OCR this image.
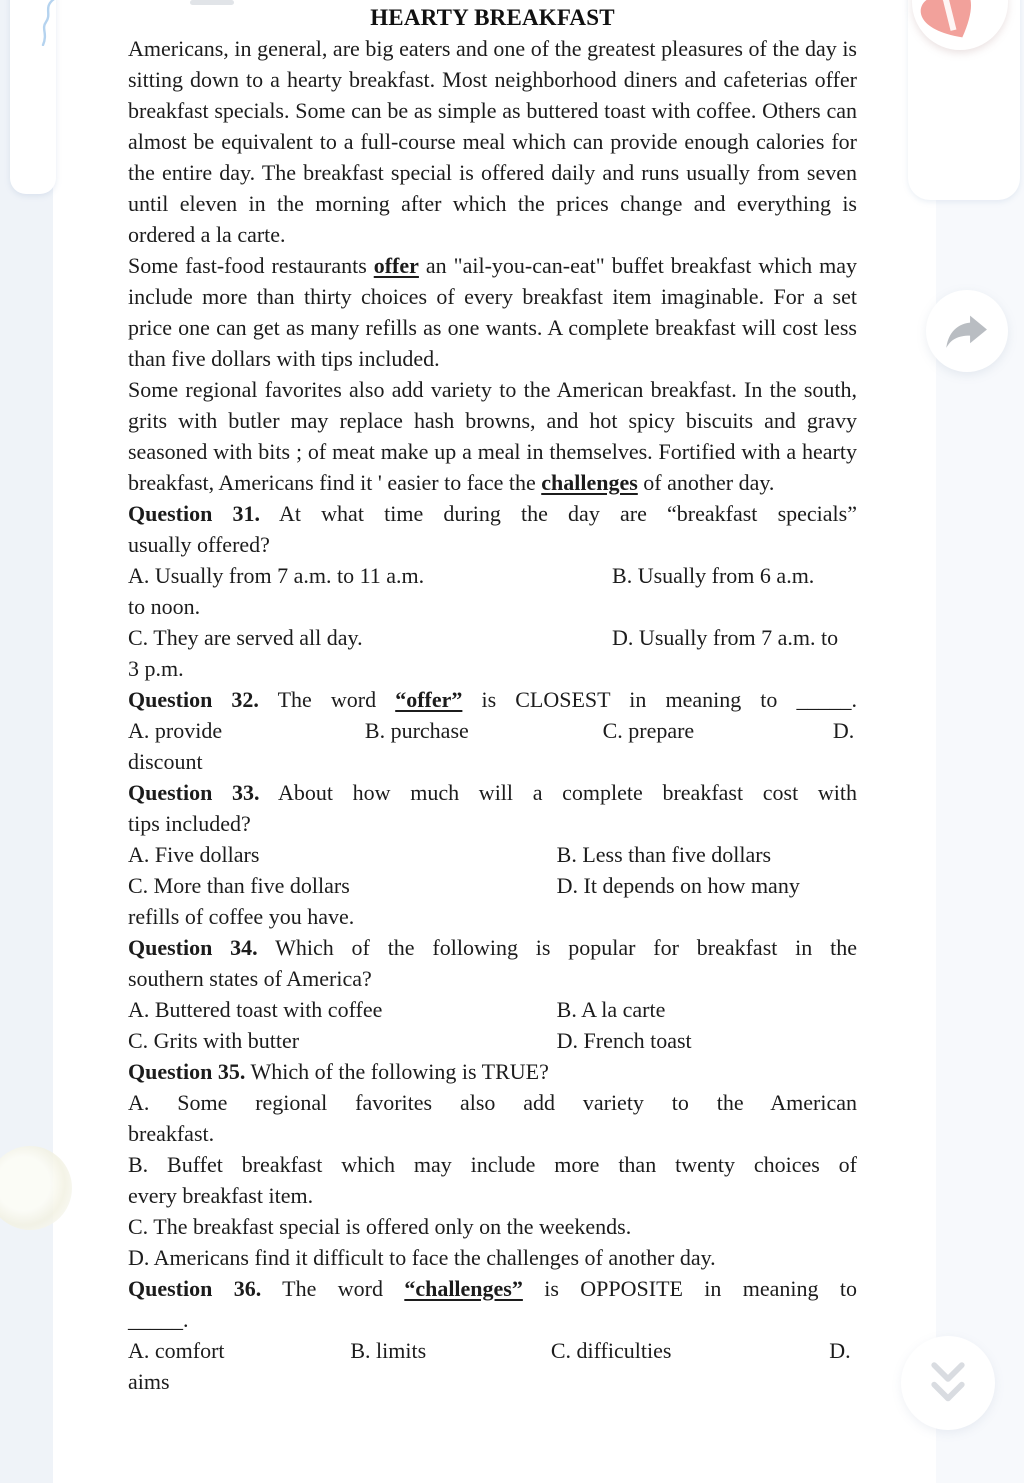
HEARTY BREAKFAST

Americans, in general, are big eaters and one of the greatest pleasures of the day is sitting down to a hearty breakfast. Most neighborhood diners and cafeterias offer breakfast specials. Some can be as simple as buttered toast with coffee. Others can almost be equivalent to a full-course meal which can provide enough calories for the entire day. The breakfast special is offered daily and runs usually from seven until eleven in the morning after which the prices change and everything is ordered a la carte.

Some fast-food restaurants offer an "ail-you-can-eat" buffet breakfast which may include more than thirty choices of every breakfast item imaginable. For a set price one can get as many refills as one wants. A complete breakfast will cost less than five dollars with tips included.

Some regional favorites also add variety to the American breakfast. In the south, grits with butler may replace hash browns, and hot spicy biscuits and gravy seasoned with bits ; of meat make up a meal in themselves. Fortified with a hearty breakfast, Americans find it ' easier to face the challenges of another day.

Question 31. At what time during the day are “breakfast specials”
usually offered?
A. Usually from 7 a.m. to 11 a.m.	B. Usually from 6 a.m.
to noon.
C. They are served all day.	D. Usually from 7 a.m. to
3 p.m.
Question 32. The word “offer” is CLOSEST in meaning to _____.
A. provide	B. purchase	C. prepare	D.
discount
Question 33. About how much will a complete breakfast cost with
tips included?
A. Five dollars	B. Less than five dollars
C. More than five dollars	D. It depends on how many
refills of coffee you have.
Question 34. Which of the following is popular for breakfast in the
southern states of America?
A. Buttered toast with coffee	B. A la carte
C. Grits with butter	D. French toast
Question 35. Which of the following is TRUE?
A. Some regional favorites also add variety to the American
breakfast.
B. Buffet breakfast which may include more than twenty choices of
every breakfast item.
C. The breakfast special is offered only on the weekends.
D. Americans find it difficult to face the challenges of another day.
Question 36. The word “challenges” is OPPOSITE in meaning to
_____.
A. comfort	B. limits	C. difficulties	D.
aims
